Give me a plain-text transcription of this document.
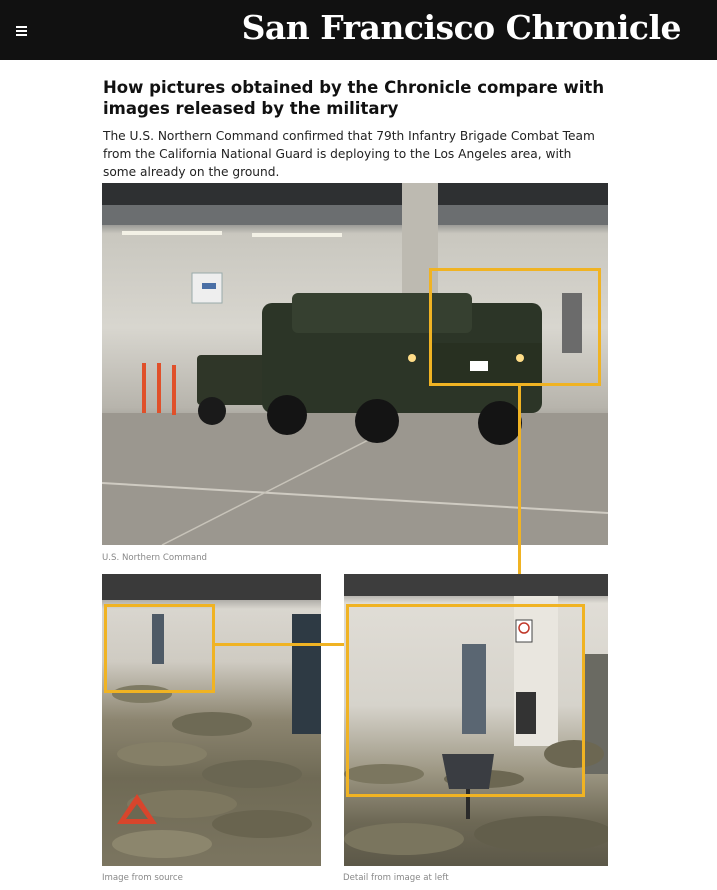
San Francisco Chronicle
How pictures obtained by the Chronicle compare with images released by the military

The U.S. Northern Command confirmed that 79th Infantry Brigade Combat Team from the California National Guard is deploying to the Los Angeles area, with some already on the ground.

U.S. Northern Command
Image from source	Detail from image at left
